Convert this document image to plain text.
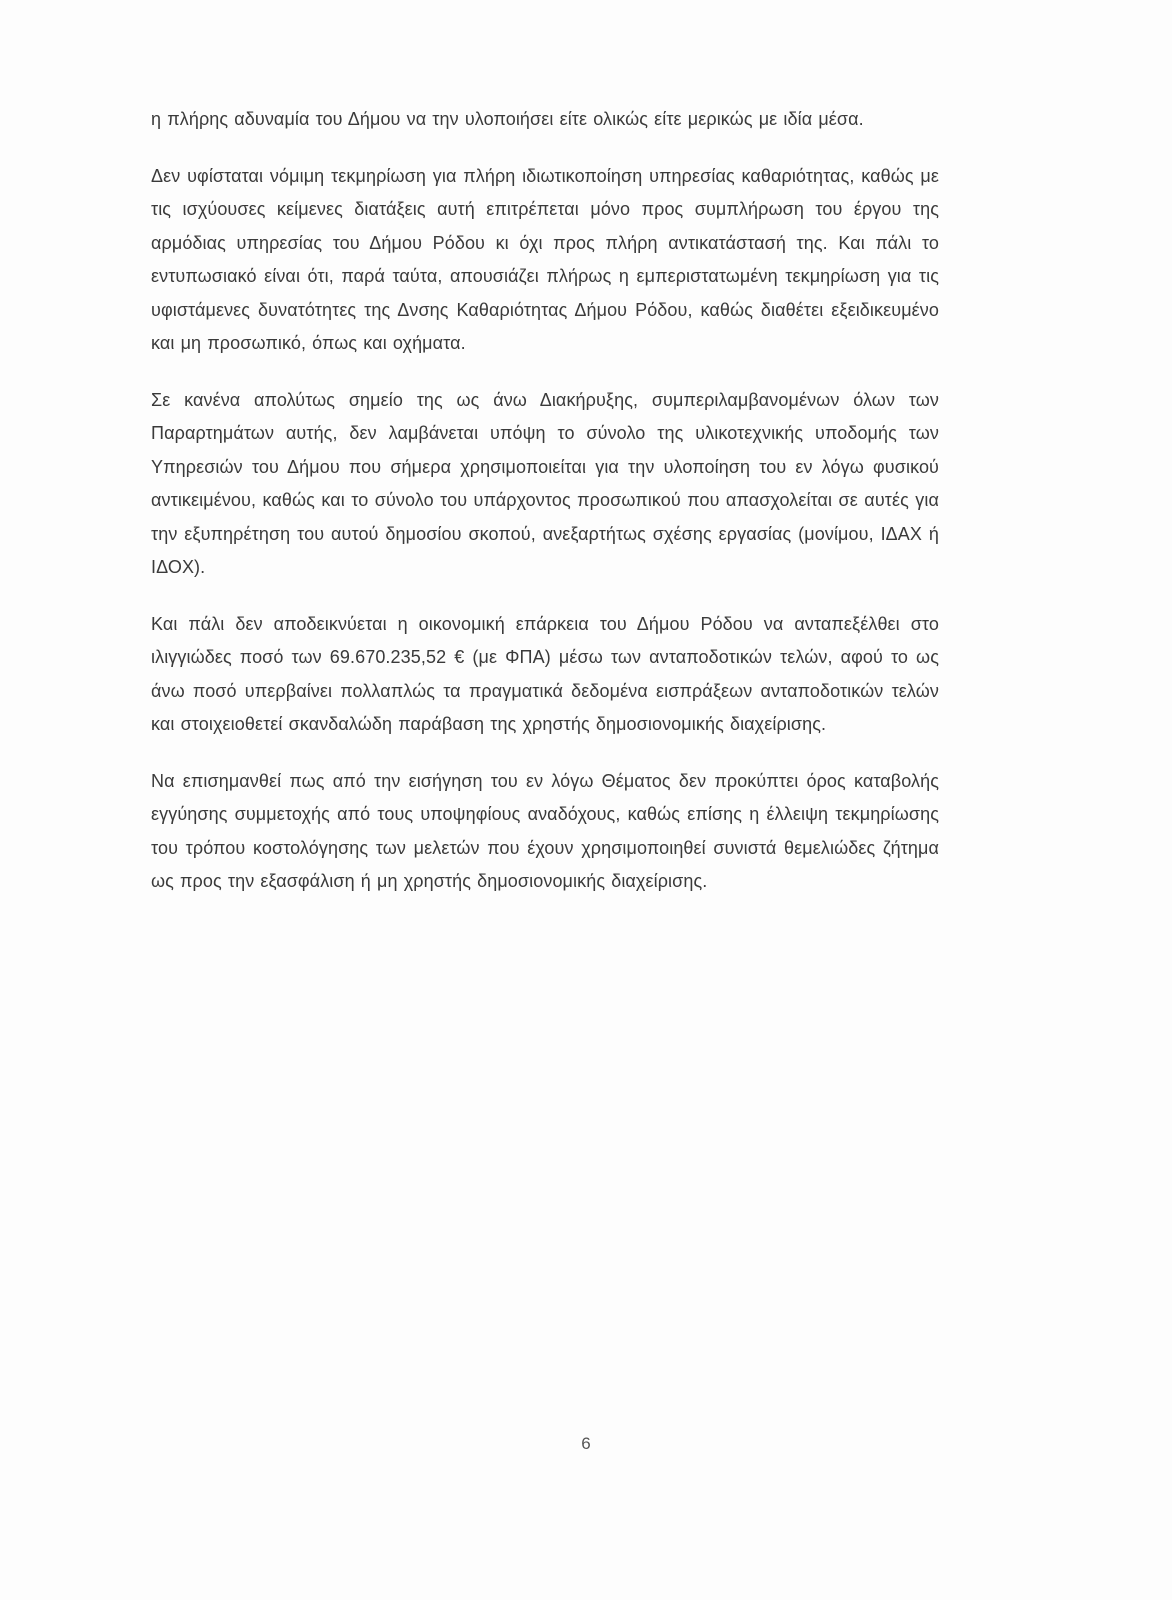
η πλήρης αδυναμία του Δήμου να την υλοποιήσει είτε ολικώς είτε μερικώς με ιδία μέσα.

Δεν υφίσταται νόμιμη τεκμηρίωση για πλήρη ιδιωτικοποίηση υπηρεσίας καθαριότητας, καθώς με τις ισχύουσες κείμενες διατάξεις αυτή επιτρέπεται μόνο προς συμπλήρωση του έργου της αρμόδιας υπηρεσίας του Δήμου Ρόδου κι όχι προς πλήρη αντικατάστασή της. Και πάλι το εντυπωσιακό είναι ότι, παρά ταύτα, απουσιάζει πλήρως η εμπεριστατωμένη τεκμηρίωση για τις υφιστάμενες δυνατότητες της Δνσης Καθαριότητας Δήμου Ρόδου, καθώς διαθέτει εξειδικευμένο και μη προσωπικό, όπως και οχήματα.

Σε κανένα απολύτως σημείο της ως άνω Διακήρυξης, συμπεριλαμβανομένων όλων των Παραρτημάτων αυτής, δεν λαμβάνεται υπόψη το σύνολο της υλικοτεχνικής υποδομής των Υπηρεσιών του Δήμου που σήμερα χρησιμοποιείται για την υλοποίηση του εν λόγω φυσικού αντικειμένου, καθώς και το σύνολο του υπάρχοντος προσωπικού που απασχολείται σε αυτές για την εξυπηρέτηση του αυτού δημοσίου σκοπού, ανεξαρτήτως σχέσης εργασίας (μονίμου, ΙΔΑΧ ή ΙΔΟΧ).

Και πάλι δεν αποδεικνύεται η οικονομική επάρκεια του Δήμου Ρόδου να ανταπεξέλθει στο ιλιγγιώδες ποσό των 69.670.235,52 € (με ΦΠΑ) μέσω των ανταποδοτικών τελών, αφού το ως άνω ποσό υπερβαίνει πολλαπλώς τα πραγματικά δεδομένα εισπράξεων ανταποδοτικών τελών και στοιχειοθετεί σκανδαλώδη παράβαση της χρηστής δημοσιονομικής διαχείρισης.

Να επισημανθεί πως από την εισήγηση του εν λόγω Θέματος δεν προκύπτει όρος καταβολής εγγύησης συμμετοχής από τους υποψηφίους αναδόχους, καθώς επίσης η έλλειψη τεκμηρίωσης του τρόπου κοστολόγησης των μελετών που έχουν χρησιμοποιηθεί συνιστά θεμελιώδες ζήτημα ως προς την εξασφάλιση ή μη χρηστής δημοσιονομικής διαχείρισης.

6
